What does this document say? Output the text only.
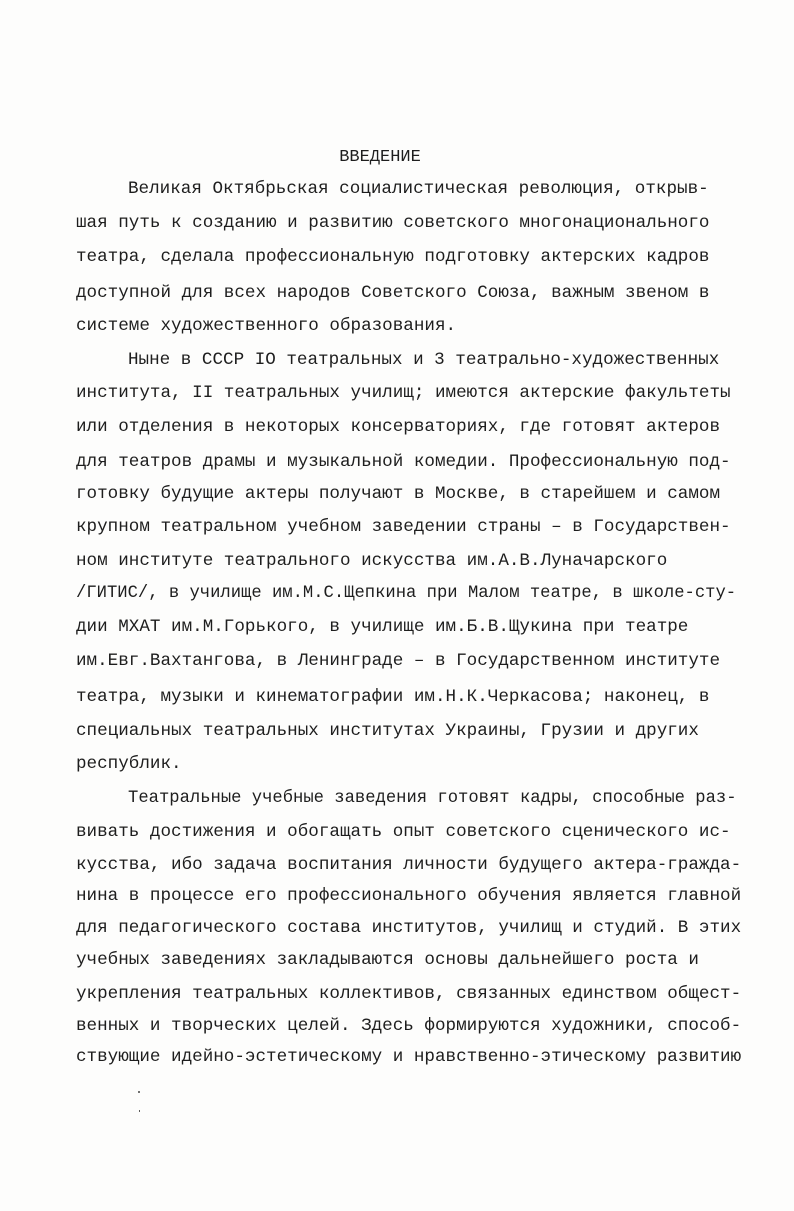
ВВЕДЕНИЕ
Великая Октябрьская социалистическая революция, открыв-
шая путь к созданию и развитию советского многонационального
театра, сделала профессиональную подготовку актерских кадров
доступной для всех народов Советского Союза, важным звеном в
системе художественного образования.
Ныне в СССР IO театральных и 3 театрально-художественных
института, II театральных училищ; имеются актерские факультеты
или отделения в некоторых консерваториях, где готовят актеров
для театров драмы и музыкальной комедии. Профессиональную под-
готовку будущие актеры получают в Москве, в старейшем и самом
крупном театральном учебном заведении страны – в Государствен-
ном институте театрального искусства им.А.В.Луначарского
/ГИТИС/, в училище им.М.С.Щепкина при Малом театре, в школе-сту-
дии МХАТ им.М.Горького, в училище им.Б.В.Щукина при театре
им.Евг.Вахтангова, в Ленинграде – в Государственном институте
театра, музыки и кинематографии им.Н.К.Черкасова; наконец, в
специальных театральных институтах Украины, Грузии и других
республик.
Театральные учебные заведения готовят кадры, способные раз-
вивать достижения и обогащать опыт советского сценического ис-
кусства, ибо задача воспитания личности будущего актера-гражда-
нина в процессе его профессионального обучения является главной
для педагогического состава институтов, училищ и студий. В этих
учебных заведениях закладываются основы дальнейшего роста и
укрепления театральных коллективов, связанных единством общест-
венных и творческих целей. Здесь формируются художники, способ-
ствующие идейно-эстетическому и нравственно-этическому развитию
